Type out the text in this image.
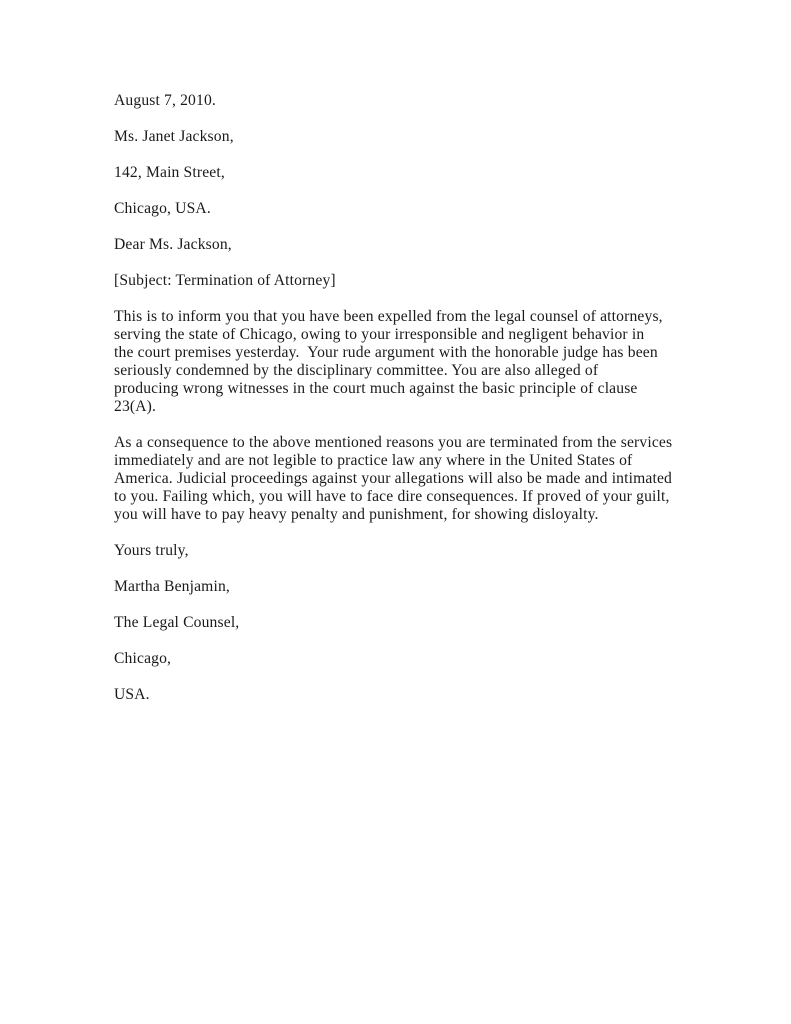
August 7, 2010.

Ms. Janet Jackson,

142, Main Street,

Chicago, USA.

Dear Ms. Jackson,

[Subject: Termination of Attorney]

This is to inform you that you have been expelled from the legal counsel of attorneys, serving the state of Chicago, owing to your irresponsible and negligent behavior in the court premises yesterday.  Your rude argument with the honorable judge has been seriously condemned by the disciplinary committee. You are also alleged of producing wrong witnesses in the court much against the basic principle of clause 23(A).

As a consequence to the above mentioned reasons you are terminated from the services immediately and are not legible to practice law any where in the United States of America. Judicial proceedings against your allegations will also be made and intimated to you. Failing which, you will have to face dire consequences. If proved of your guilt, you will have to pay heavy penalty and punishment, for showing disloyalty.

Yours truly,

Martha Benjamin,

The Legal Counsel,

Chicago,

USA.
